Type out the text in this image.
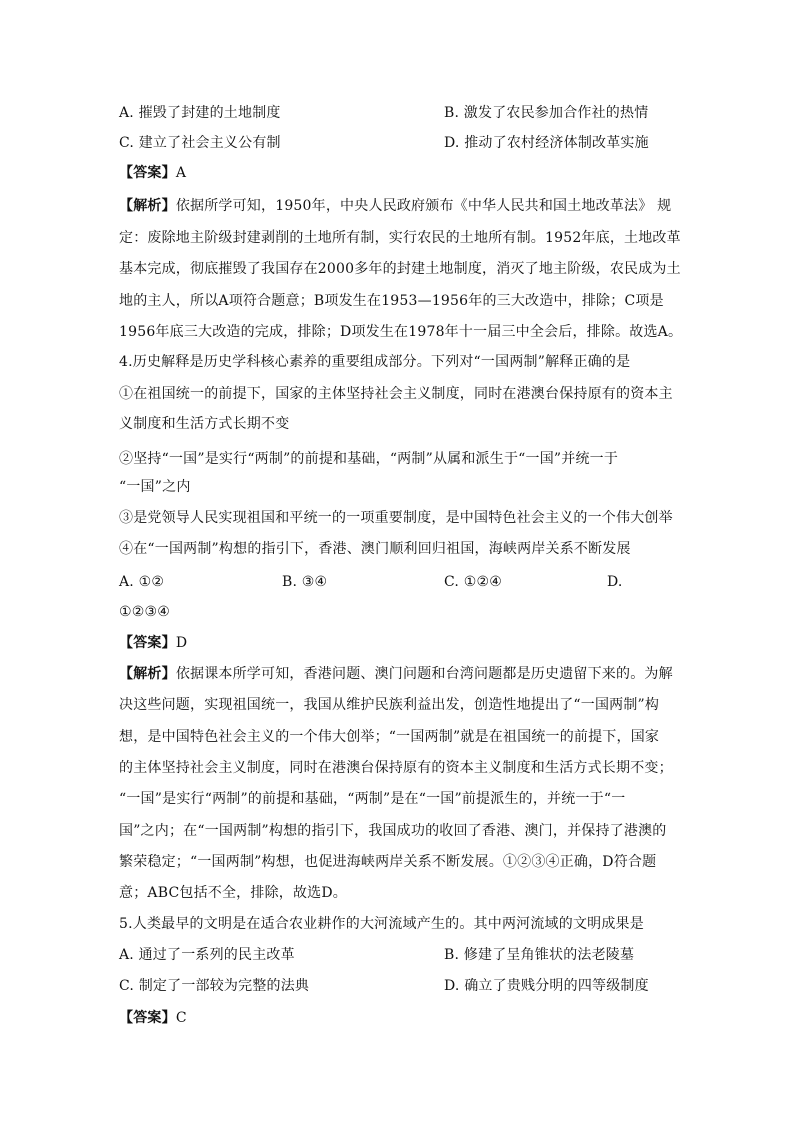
A. 摧毁了封建的土地制度	B. 激发了农民参加合作社的热情
C. 建立了社会主义公有制	D. 推动了农村经济体制改革实施
【答案】A
【解析】依据所学可知，1950年，中央人民政府颁布《中华人民共和国土地改革法》 规
定：废除地主阶级封建剥削的土地所有制，实行农民的土地所有制。1952年底，土地改革
基本完成，彻底摧毁了我国存在2000多年的封建土地制度，消灭了地主阶级，农民成为土
地的主人，所以A项符合题意；B项发生在1953—1956年的三大改造中，排除；C项是
1956年底三大改造的完成，排除；D项发生在1978年十一届三中全会后，排除。故选A。
4.历史解释是历史学科核心素养的重要组成部分。下列对“一国两制”解释正确的是
①在祖国统一的前提下，国家的主体坚持社会主义制度，同时在港澳台保持原有的资本主
义制度和生活方式长期不变
②坚持“一国”是实行“两制”的前提和基础，“两制”从属和派生于“一国”并统一于
“一国”之内
③是党领导人民实现祖国和平统一的一项重要制度，是中国特色社会主义的一个伟大创举
④在“一国两制”构想的指引下，香港、澳门顺利回归祖国，海峡两岸关系不断发展
A. ①②	B. ③④	C. ①②④	D.
①②③④
【答案】D
【解析】依据课本所学可知，香港问题、澳门问题和台湾问题都是历史遗留下来的。为解
决这些问题，实现祖国统一，我国从维护民族利益出发，创造性地提出了“一国两制”构
想，是中国特色社会主义的一个伟大创举；“一国两制”就是在祖国统一的前提下，国家
的主体坚持社会主义制度，同时在港澳台保持原有的资本主义制度和生活方式长期不变；
“一国”是实行“两制”的前提和基础，“两制”是在“一国”前提派生的，并统一于“一
国”之内；在“一国两制”构想的指引下，我国成功的收回了香港、澳门，并保持了港澳的
繁荣稳定；“一国两制”构想，也促进海峡两岸关系不断发展。①②③④正确，D符合题
意；ABC包括不全，排除，故选D。
5.人类最早的文明是在适合农业耕作的大河流域产生的。其中两河流域的文明成果是
A. 通过了一系列的民主改革	B. 修建了呈角锥状的法老陵墓
C. 制定了一部较为完整的法典	D. 确立了贵贱分明的四等级制度
【答案】C
